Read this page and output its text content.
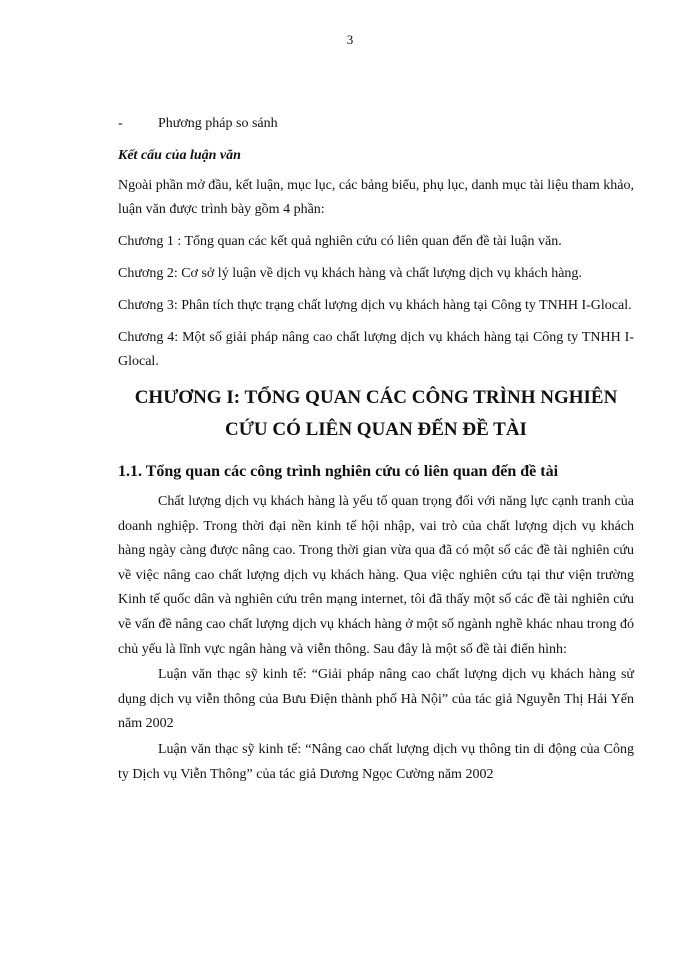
3
-	Phương pháp so sánh
Kết cấu của luận văn

Ngoài phần mở đầu, kết luận, mục lục, các bảng biểu, phụ lục, danh mục tài liệu tham khảo, luận văn được trình bày gồm 4 phần:

Chương 1 : Tổng quan các kết quả nghiên cứu có liên quan đến đề tài luận văn.

Chương 2: Cơ sở lý luận về dịch vụ khách hàng và chất lượng dịch vụ khách hàng.

Chương 3: Phân tích thực trạng chất lượng dịch vụ khách hàng tại Công ty TNHH I-Glocal.

Chương 4: Một số giải pháp nâng cao chất lượng dịch vụ khách hàng tại Công ty TNHH I-Glocal.

CHƯƠNG I: TỔNG QUAN CÁC CÔNG TRÌNH NGHIÊN
CỨU CÓ LIÊN QUAN ĐẾN ĐỀ TÀI
1.1. Tổng quan các công trình nghiên cứu có liên quan đến đề tài

Chất lượng dịch vụ khách hàng là yếu tố quan trọng đối với năng lực cạnh tranh của doanh nghiệp. Trong thời đại nền kinh tế hội nhập, vai trò của chất lượng dịch vụ khách hàng ngày càng được nâng cao. Trong thời gian vừa qua đã có một số các đề tài nghiên cứu về việc nâng cao chất lượng dịch vụ khách hàng. Qua việc nghiên cứu tại thư viện trường Kinh tế quốc dân và nghiên cứu trên mạng internet, tôi đã thấy một số các đề tài nghiên cứu về vấn đề nâng cao chất lượng dịch vụ khách hàng ở một số ngành nghề khác nhau trong đó chủ yếu là lĩnh vực ngân hàng và viễn thông. Sau đây là một số đề tài điển hình:

Luận văn thạc sỹ kinh tế: “Giải pháp nâng cao chất lượng dịch vụ khách hàng sử dụng dịch vụ viễn thông của Bưu Điện thành phố Hà Nội” của tác giả Nguyễn Thị Hải Yến năm 2002

Luận văn thạc sỹ kinh tế: “Nâng cao chất lượng dịch vụ thông tin di động của Công ty Dịch vụ Viễn Thông” của tác giả Dương Ngọc Cường năm 2002
